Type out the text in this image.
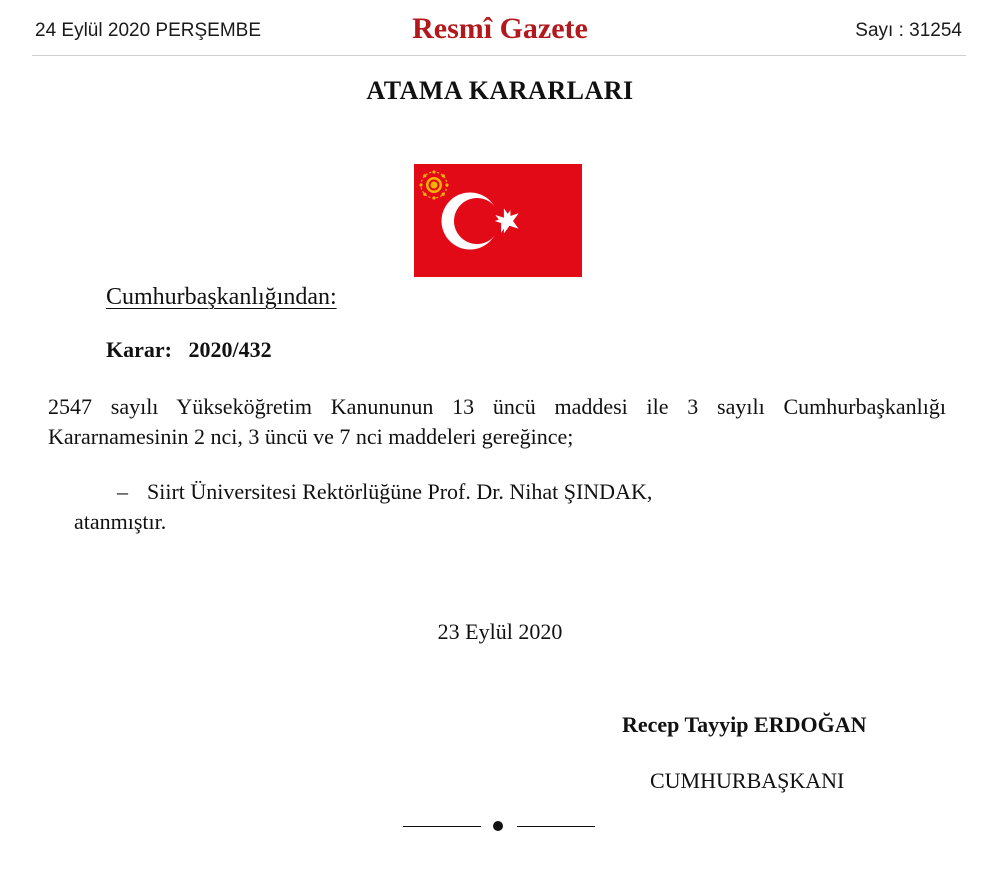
24 Eylül 2020 PERŞEMBE	Resmî Gazete	Sayı : 31254
ATAMA KARARLARI
Cumhurbaşkanlığından:
Karar: 2020/432
2547 sayılı Yükseköğretim Kanununun 13 üncü maddesi ile 3 sayılı Cumhurbaşkanlığı
Kararnamesinin 2 nci, 3 üncü ve 7 nci maddeleri gereğince;
– Siirt Üniversitesi Rektörlüğüne Prof. Dr. Nihat ŞINDAK,
atanmıştır.
23 Eylül 2020
Recep Tayyip ERDOĞAN
CUMHURBAŞKANI
